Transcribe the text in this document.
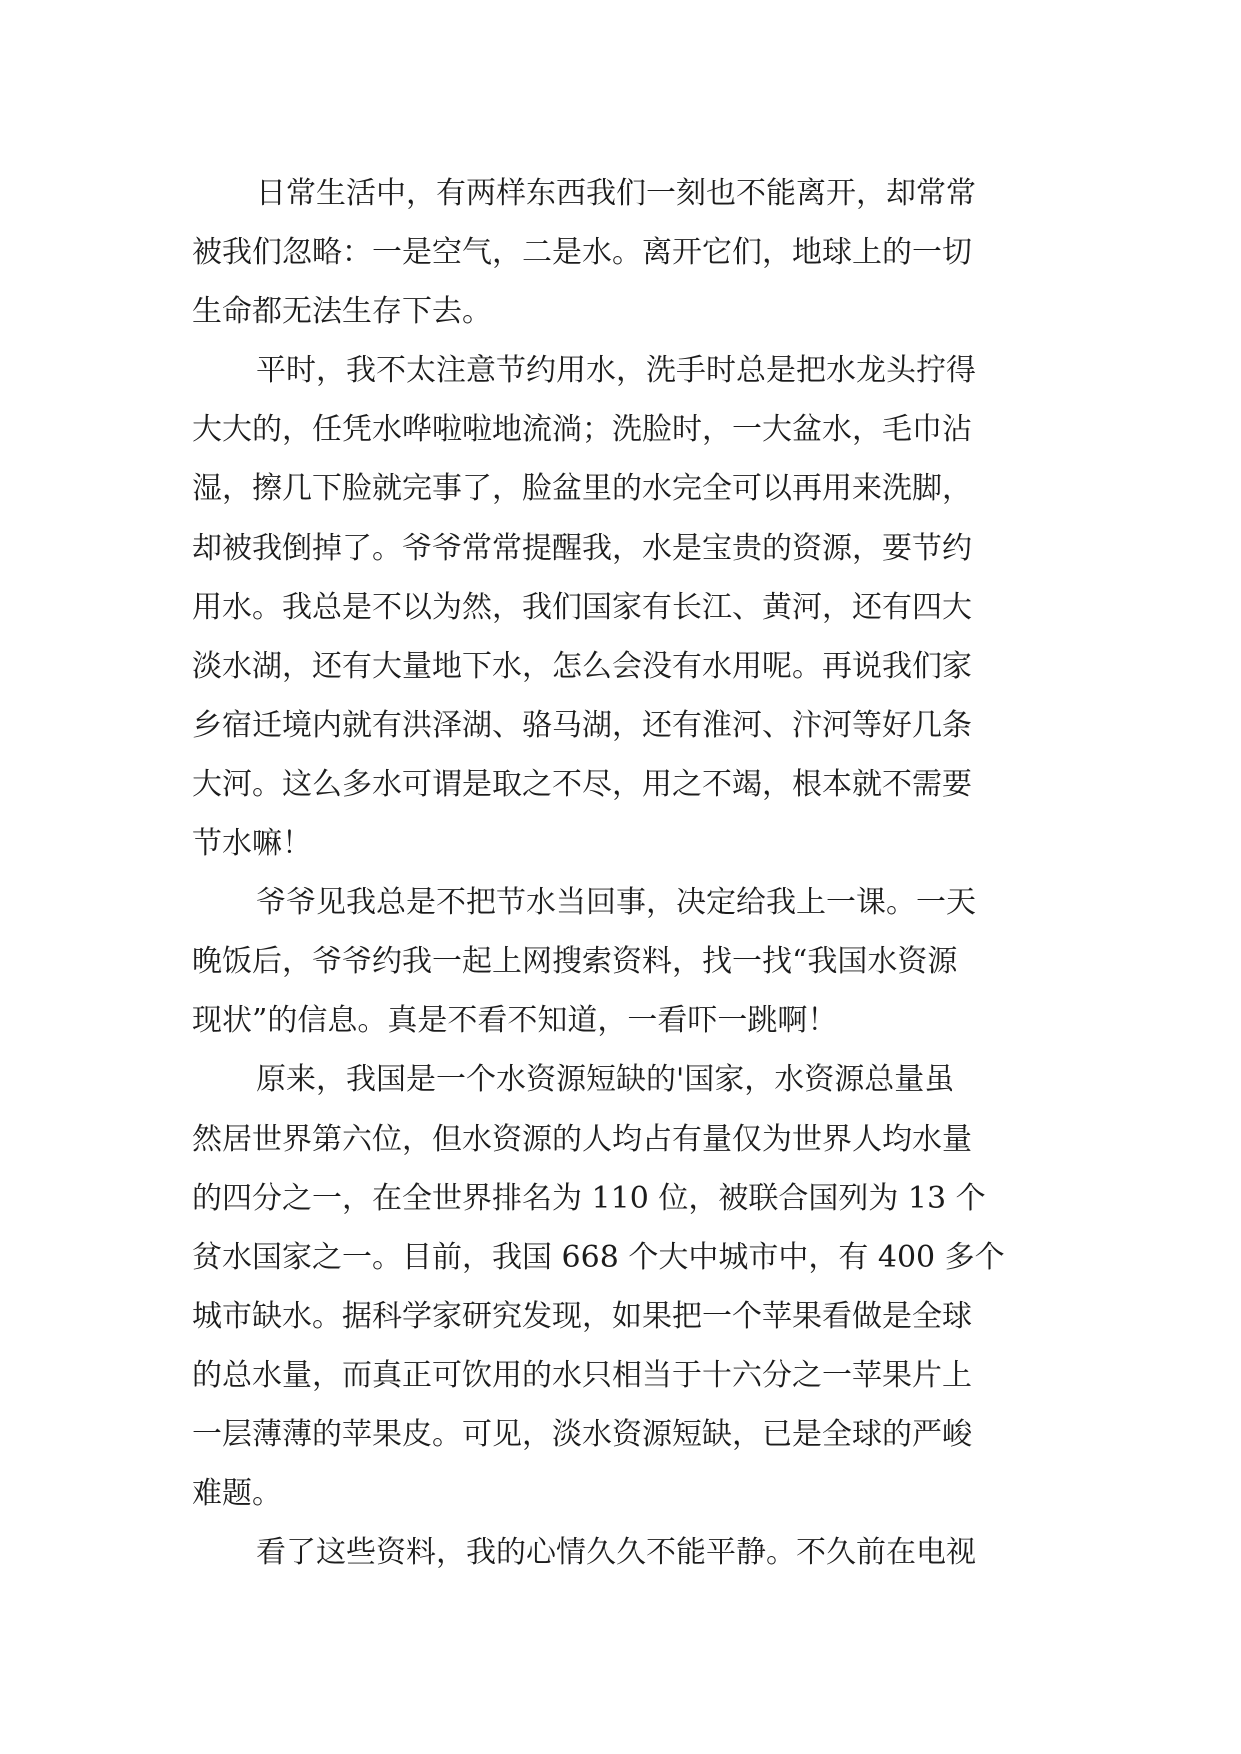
日常生活中，有两样东西我们一刻也不能离开，却常常
被我们忽略：一是空气，二是水。离开它们，地球上的一切
生命都无法生存下去。
平时，我不太注意节约用水，洗手时总是把水龙头拧得
大大的，任凭水哗啦啦地流淌；洗脸时，一大盆水，毛巾沾
湿，擦几下脸就完事了，脸盆里的水完全可以再用来洗脚，
却被我倒掉了。爷爷常常提醒我，水是宝贵的资源，要节约
用水。我总是不以为然，我们国家有长江、黄河，还有四大
淡水湖，还有大量地下水，怎么会没有水用呢。再说我们家
乡宿迁境内就有洪泽湖、骆马湖，还有淮河、汴河等好几条
大河。这么多水可谓是取之不尽，用之不竭，根本就不需要
节水嘛！
爷爷见我总是不把节水当回事，决定给我上一课。一天
晚饭后，爷爷约我一起上网搜索资料，找一找“我国水资源
现状”的信息。真是不看不知道，一看吓一跳啊！
原来，我国是一个水资源短缺的'国家，水资源总量虽
然居世界第六位，但水资源的人均占有量仅为世界人均水量
的四分之一，在全世界排名为 110 位，被联合国列为 13 个
贫水国家之一。目前，我国 668 个大中城市中，有 400 多个
城市缺水。据科学家研究发现，如果把一个苹果看做是全球
的总水量，而真正可饮用的水只相当于十六分之一苹果片上
一层薄薄的苹果皮。可见，淡水资源短缺，已是全球的严峻
难题。
看了这些资料，我的心情久久不能平静。不久前在电视
